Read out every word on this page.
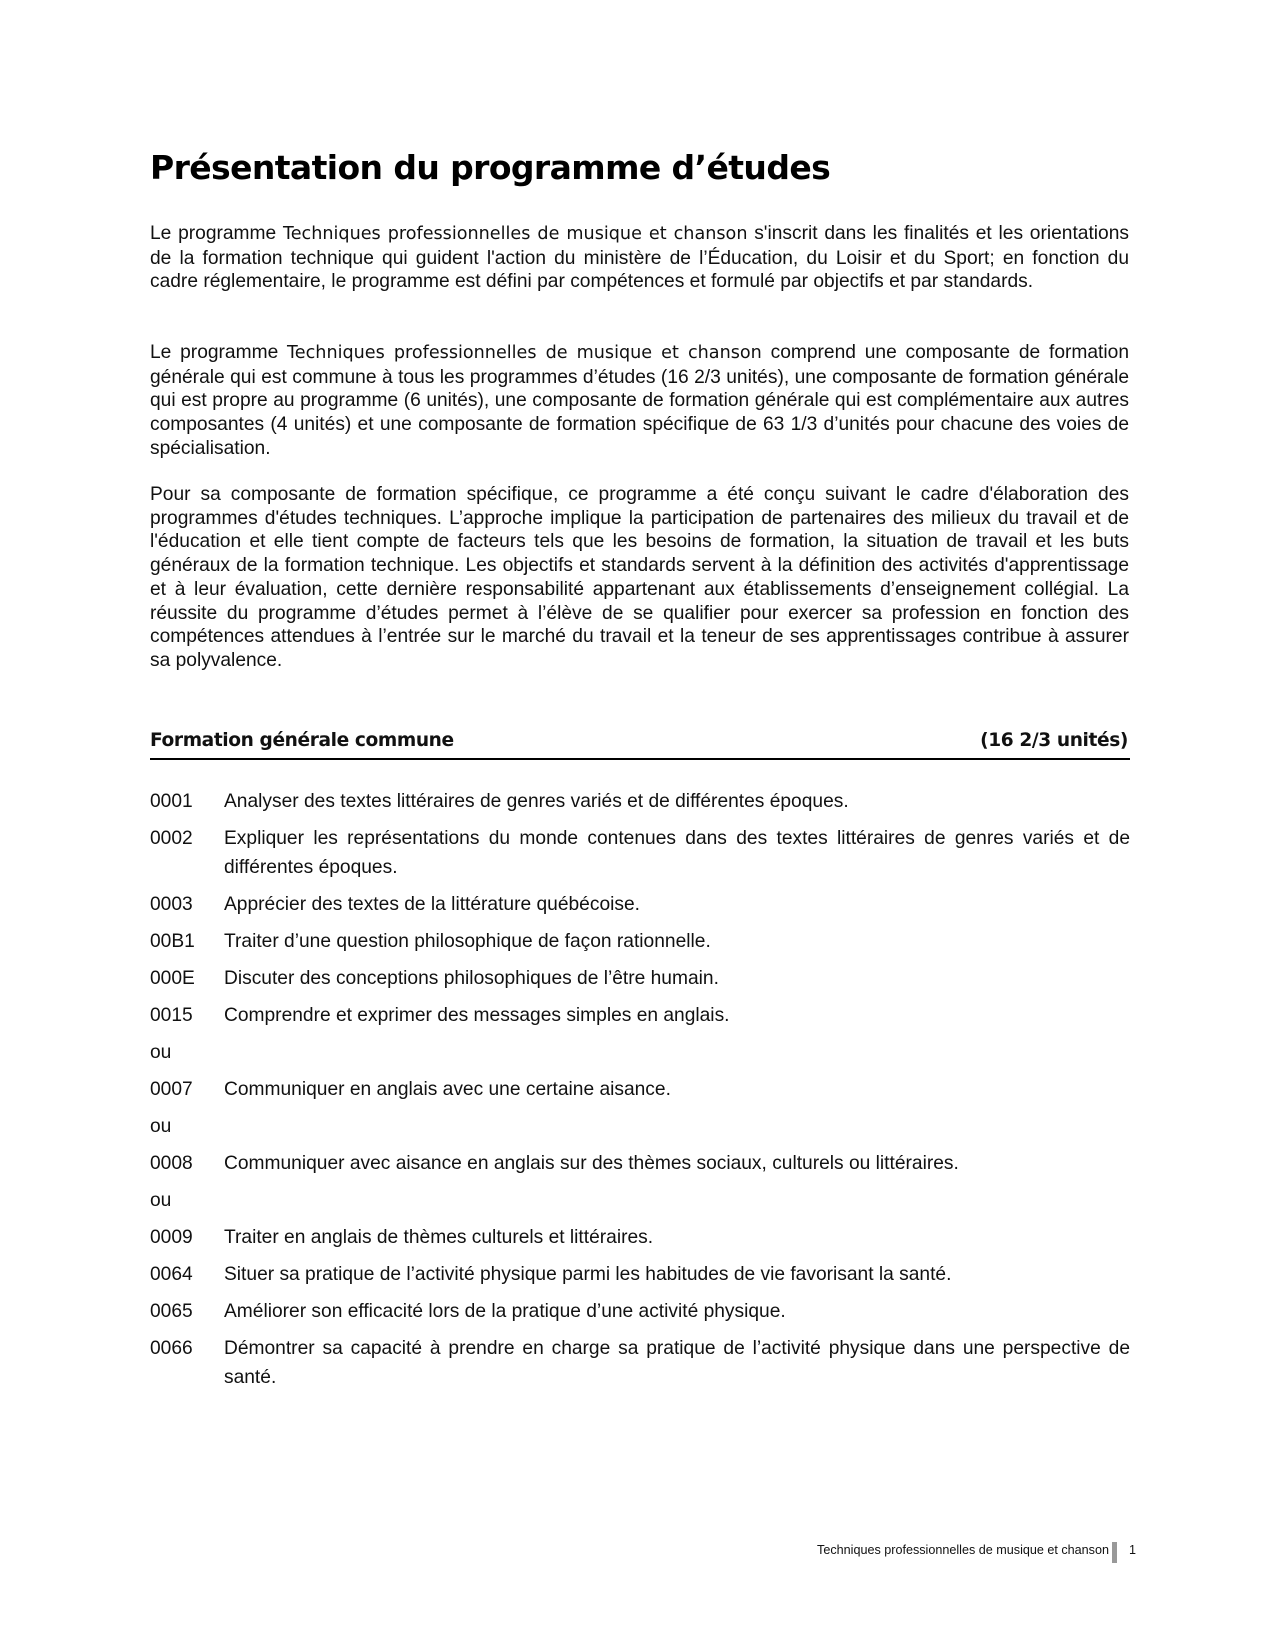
Présentation du programme d’études

Le programme Techniques professionnelles de musique et chanson s'inscrit dans les finalités et les orientations de la formation technique qui guident l'action du ministère de l’Éducation, du Loisir et du Sport; en fonction du cadre réglementaire, le programme est défini par compétences et formulé par objectifs et par standards.

Le programme Techniques professionnelles de musique et chanson comprend une composante de formation générale qui est commune à tous les programmes d’études (16 2/3 unités), une composante de formation générale qui est propre au programme (6 unités), une composante de formation générale qui est complémentaire aux autres composantes (4 unités) et une composante de formation spécifique de 63 1/3 d’unités pour chacune des voies de spécialisation.

Pour sa composante de formation spécifique, ce programme a été conçu suivant le cadre d'élaboration des programmes d'études techniques. L’approche implique la participation de partenaires des milieux du travail et de l'éducation et elle tient compte de facteurs tels que les besoins de formation, la situation de travail et les buts généraux de la formation technique. Les objectifs et standards servent à la définition des activités d'apprentissage et à leur évaluation, cette dernière responsabilité appartenant aux établissements d’enseignement collégial. La réussite du programme d’études permet à l’élève de se qualifier pour exercer sa profession en fonction des compétences attendues à l’entrée sur le marché du travail et la teneur de ses apprentissages contribue à assurer sa polyvalence.

Formation générale commune	(16 2/3 unités)
0001	Analyser des textes littéraires de genres variés et de différentes époques.
0002	Expliquer les représentations du monde contenues dans des textes littéraires de genres variés et de différentes époques.
0003	Apprécier des textes de la littérature québécoise.
00B1	Traiter d’une question philosophique de façon rationnelle.
000E	Discuter des conceptions philosophiques de l’être humain.
0015	Comprendre et exprimer des messages simples en anglais.
ou

0007	Communiquer en anglais avec une certaine aisance.
ou

0008	Communiquer avec aisance en anglais sur des thèmes sociaux, culturels ou littéraires.
ou

0009	Traiter en anglais de thèmes culturels et littéraires.
0064	Situer sa pratique de l’activité physique parmi les habitudes de vie favorisant la santé.
0065	Améliorer son efficacité lors de la pratique d’une activité physique.
0066	Démontrer sa capacité à prendre en charge sa pratique de l’activité physique dans une perspective de santé.
Techniques professionnelles de musique et chanson 1
